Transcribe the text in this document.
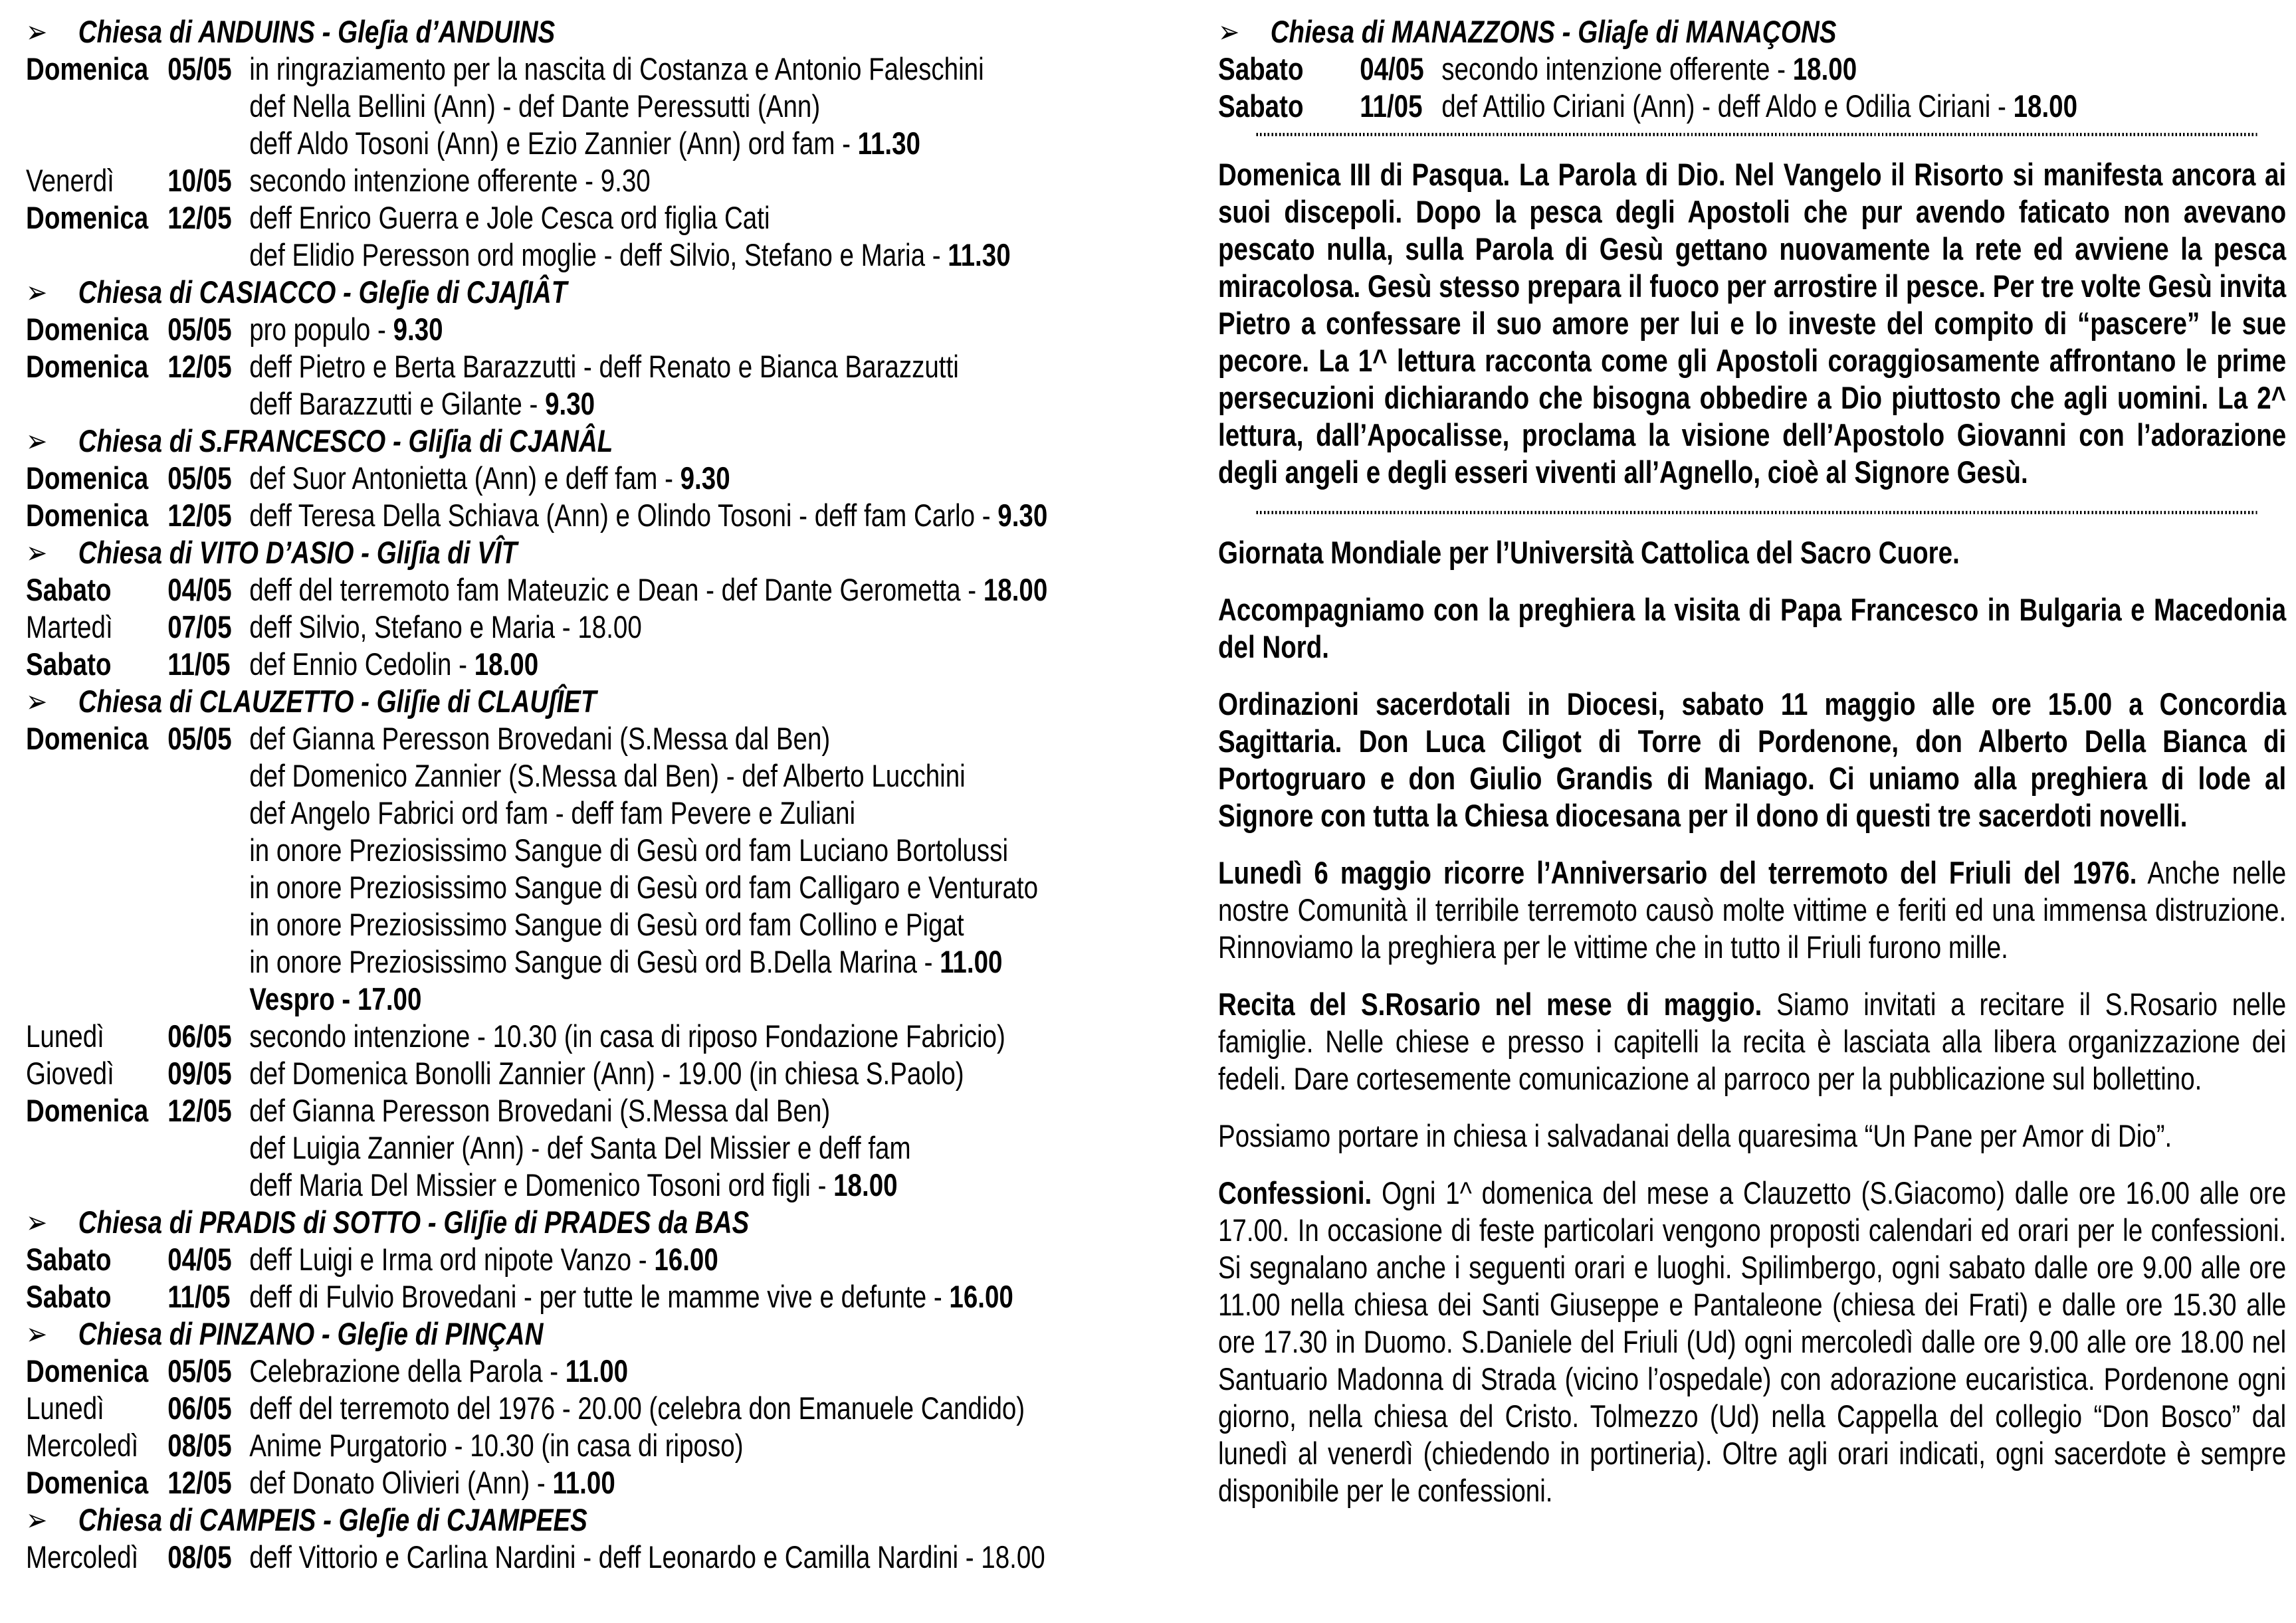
➢ Chiesa di ANDUINS - Gleʃia d’ANDUINS
Domenica 05/05 in ringraziamento per la nascita di Costanza e Antonio Faleschini
def Nella Bellini (Ann) - def Dante Peressutti (Ann)
deff Aldo Tosoni (Ann) e Ezio Zannier (Ann) ord fam - 11.30
Venerdì 10/05 secondo intenzione offerente - 9.30
Domenica 12/05 deff Enrico Guerra e Jole Cesca ord figlia Cati
def Elidio Peresson ord moglie - deff Silvio, Stefano e Maria - 11.30
➢ Chiesa di CASIACCO - Gleʃie di CJAʃIÂT
Domenica 05/05 pro populo - 9.30
Domenica 12/05 deff Pietro e Berta Barazzutti - deff Renato e Bianca Barazzutti
deff Barazzutti e Gilante - 9.30
➢ Chiesa di S.FRANCESCO - Gliʃia di CJANÂL
Domenica 05/05 def Suor Antonietta (Ann) e deff fam - 9.30
Domenica 12/05 deff Teresa Della Schiava (Ann) e Olindo Tosoni - deff fam Carlo - 9.30
➢ Chiesa di VITO D’ASIO - Gliʃia di VÎT
Sabato 04/05 deff del terremoto fam Mateuzic e Dean - def Dante Gerometta - 18.00
Martedì 07/05 deff Silvio, Stefano e Maria - 18.00
Sabato 11/05 def Ennio Cedolin - 18.00
➢ Chiesa di CLAUZETTO - Gliʃie di CLAUʃÎET
Domenica 05/05 def Gianna Peresson Brovedani (S.Messa dal Ben)
def Domenico Zannier (S.Messa dal Ben) - def Alberto Lucchini
def Angelo Fabrici ord fam - deff fam Pevere e Zuliani
in onore Preziosissimo Sangue di Gesù ord fam Luciano Bortolussi
in onore Preziosissimo Sangue di Gesù ord fam Calligaro e Venturato
in onore Preziosissimo Sangue di Gesù ord fam Collino e Pigat
in onore Preziosissimo Sangue di Gesù ord B.Della Marina - 11.00
Vespro - 17.00
Lunedì 06/05 secondo intenzione - 10.30 (in casa di riposo Fondazione Fabricio)
Giovedì 09/05 def Domenica Bonolli Zannier (Ann) - 19.00 (in chiesa S.Paolo)
Domenica 12/05 def Gianna Peresson Brovedani (S.Messa dal Ben)
def Luigia Zannier (Ann) - def Santa Del Missier e deff fam
deff Maria Del Missier e Domenico Tosoni ord figli - 18.00
➢ Chiesa di PRADIS di SOTTO - Gliʃie di PRADES da BAS
Sabato 04/05 deff Luigi e Irma ord nipote Vanzo - 16.00
Sabato 11/05 deff di Fulvio Brovedani - per tutte le mamme vive e defunte - 16.00
➢ Chiesa di PINZANO - Gleʃie di PINÇAN
Domenica 05/05 Celebrazione della Parola - 11.00
Lunedì 06/05 deff del terremoto del 1976 - 20.00 (celebra don Emanuele Candido)
Mercoledì 08/05 Anime Purgatorio - 10.30 (in casa di riposo)
Domenica 12/05 def Donato Olivieri (Ann) - 11.00
➢ Chiesa di CAMPEIS - Gleʃie di CJAMPEES
Mercoledì 08/05 deff Vittorio e Carlina Nardini - deff Leonardo e Camilla Nardini - 18.00
➢ Chiesa di MANAZZONS - Gliaʃe di MANAÇONS
Sabato 04/05 secondo intenzione offerente - 18.00
Sabato 11/05 def Attilio Ciriani (Ann) - deff Aldo e Odilia Ciriani - 18.00
Domenica III di Pasqua. La Parola di Dio. Nel Vangelo il Risorto si manifesta ancora ai suoi discepoli. Dopo la pesca degli Apostoli che pur avendo faticato non avevano pescato nulla, sulla Parola di Gesù gettano nuovamente la rete ed avviene la pesca miracolosa. Gesù stesso prepara il fuoco per arrostire il pesce. Per tre volte Gesù invita Pietro a confessare il suo amore per lui e lo investe del compito di “pascere” le sue pecore. La 1^ lettura racconta come gli Apostoli coraggiosamente affrontano le prime persecuzioni dichiarando che bisogna obbedire a Dio piuttosto che agli uomini. La 2^ lettura, dall’Apocalisse, proclama la visione dell’Apostolo Giovanni con l’adorazione degli angeli e degli esseri viventi all’Agnello, cioè al Signore Gesù.
Giornata Mondiale per l’Università Cattolica del Sacro Cuore.
Accompagniamo con la preghiera la visita di Papa Francesco in Bulgaria e Macedonia del Nord.
Ordinazioni sacerdotali in Diocesi, sabato 11 maggio alle ore 15.00 a Concordia Sagittaria. Don Luca Ciligot di Torre di Pordenone, don Alberto Della Bianca di Portogruaro e don Giulio Grandis di Maniago. Ci uniamo alla preghiera di lode al Signore con tutta la Chiesa diocesana per il dono di questi tre sacerdoti novelli.
Lunedì 6 maggio ricorre l’Anniversario del terremoto del Friuli del 1976. Anche nelle nostre Comunità il terribile terremoto causò molte vittime e feriti ed una immensa distruzione. Rinnoviamo la preghiera per le vittime che in tutto il Friuli furono mille.
Recita del S.Rosario nel mese di maggio. Siamo invitati a recitare il S.Rosario nelle famiglie. Nelle chiese e presso i capitelli la recita è lasciata alla libera organizzazione dei fedeli. Dare cortesemente comunicazione al parroco per la pubblicazione sul bollettino.
Possiamo portare in chiesa i salvadanai della quaresima “Un Pane per Amor di Dio”.
Confessioni. Ogni 1^ domenica del mese a Clauzetto (S.Giacomo) dalle ore 16.00 alle ore 17.00. In occasione di feste particolari vengono proposti calendari ed orari per le confessioni. Si segnalano anche i seguenti orari e luoghi. Spilimbergo, ogni sabato dalle ore 9.00 alle ore 11.00 nella chiesa dei Santi Giuseppe e Pantaleone (chiesa dei Frati) e dalle ore 15.30 alle ore 17.30 in Duomo. S.Daniele del Friuli (Ud) ogni mercoledì dalle ore 9.00 alle ore 18.00 nel Santuario Madonna di Strada (vicino l’ospedale) con adorazione eucaristica. Pordenone ogni giorno, nella chiesa del Cristo. Tolmezzo (Ud) nella Cappella del collegio “Don Bosco” dal lunedì al venerdì (chiedendo in portineria). Oltre agli orari indicati, ogni sacerdote è sempre disponibile per le confessioni.
